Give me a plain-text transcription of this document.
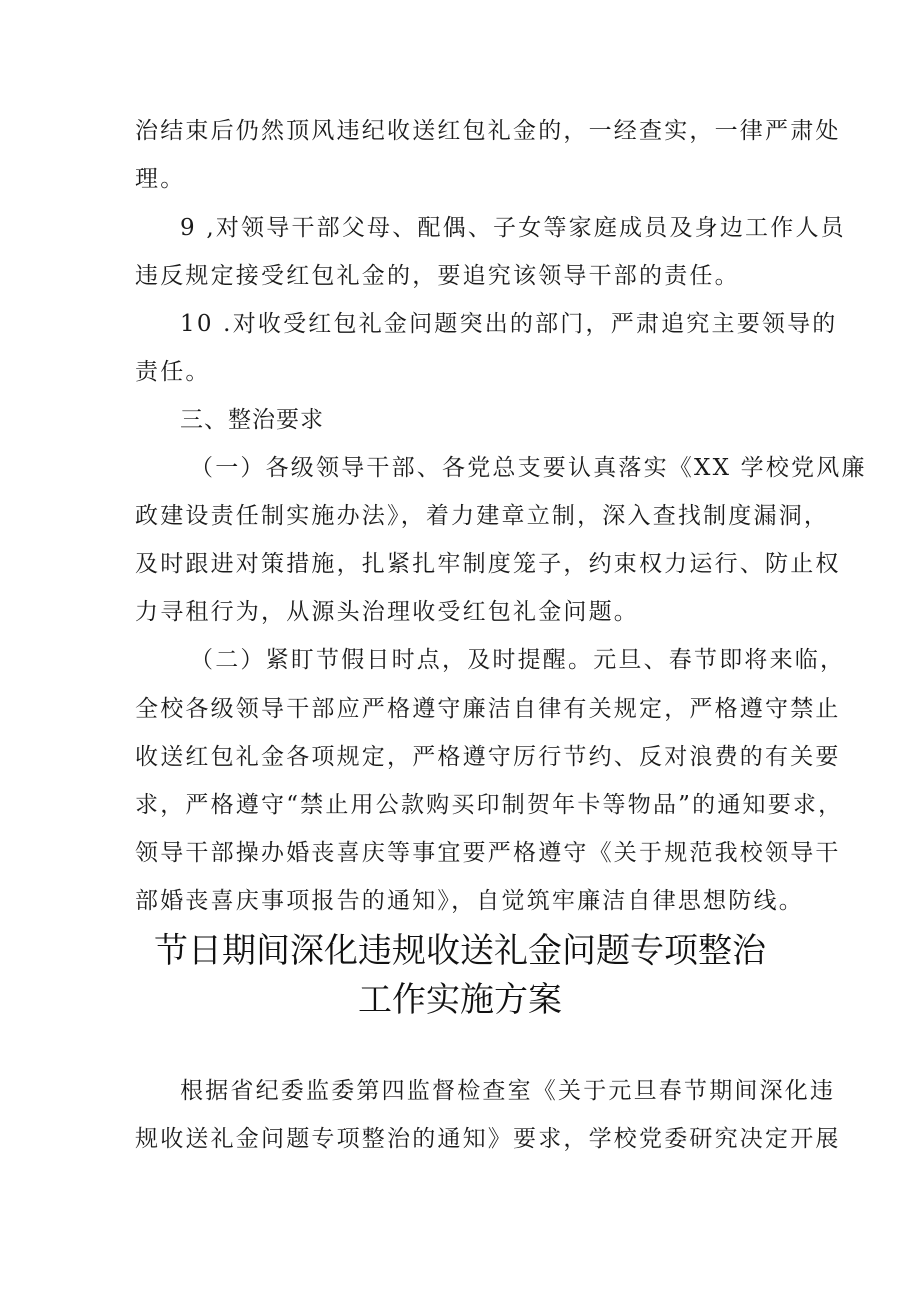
治结束后仍然顶风违纪收送红包礼金的，一经查实，一律严肃处
理。
9 ,对领导干部父母、配偶、子女等家庭成员及身边工作人员
违反规定接受红包礼金的，要追究该领导干部的责任。
10 .对收受红包礼金问题突出的部门，严肃追究主要领导的
责任。
三、整治要求
（一）各级领导干部、各党总支要认真落实《XX 学校党风廉
政建设责任制实施办法》，着力建章立制，深入查找制度漏洞，
及时跟进对策措施，扎紧扎牢制度笼子，约束权力运行、防止权
力寻租行为，从源头治理收受红包礼金问题。
（二）紧盯节假日时点，及时提醒。元旦、春节即将来临，
全校各级领导干部应严格遵守廉洁自律有关规定，严格遵守禁止
收送红包礼金各项规定，严格遵守厉行节约、反对浪费的有关要
求，严格遵守“禁止用公款购买印制贺年卡等物品”的通知要求，
领导干部操办婚丧喜庆等事宜要严格遵守《关于规范我校领导干
部婚丧喜庆事项报告的通知》，自觉筑牢廉洁自律思想防线。
节日期间深化违规收送礼金问题专项整治
工作实施方案
根据省纪委监委第四监督检查室《关于元旦春节期间深化违
规收送礼金问题专项整治的通知》要求，学校党委研究决定开展
